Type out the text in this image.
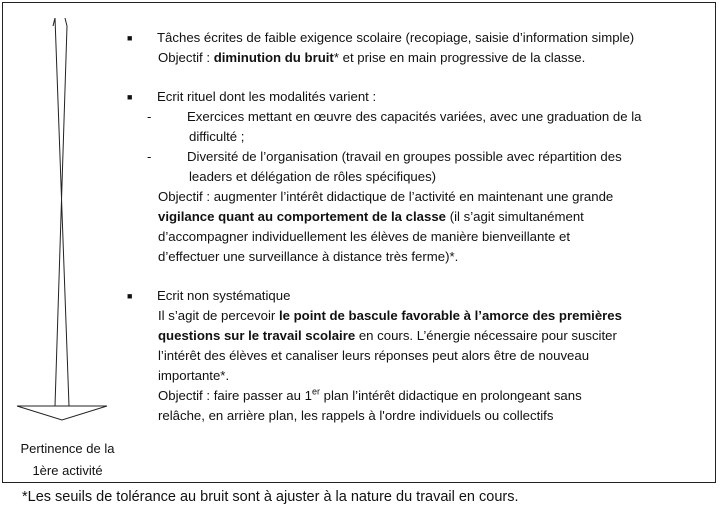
Pertinence de la
1ère activité
■ Tâches écrites de faible exigence scolaire (recopiage, saisie d’information simple)
Objectif : diminution du bruit* et prise en main progressive de la classe.
■ Ecrit rituel dont les modalités varient :
-	Exercices mettant en œuvre des capacités variées, avec une graduation de la
difficulté ;
-	Diversité de l’organisation (travail en groupes possible avec répartition des
leaders et délégation de rôles spécifiques)
Objectif : augmenter l’intérêt didactique de l’activité en maintenant une grande
vigilance quant au comportement de la classe (il s’agit simultanément
d’accompagner individuellement les élèves de manière bienveillante et
d’effectuer une surveillance à distance très ferme)*.
■ Ecrit non systématique
Il s’agit de percevoir le point de bascule favorable à l’amorce des premières
questions sur le travail scolaire en cours. L’énergie nécessaire pour susciter
l’intérêt des élèves et canaliser leurs réponses peut alors être de nouveau
importante*.
Objectif : faire passer au 1er plan l’intérêt didactique en prolongeant sans
relâche, en arrière plan, les rappels à l'ordre individuels ou collectifs
*Les seuils de tolérance au bruit sont à ajuster à la nature du travail en cours.
